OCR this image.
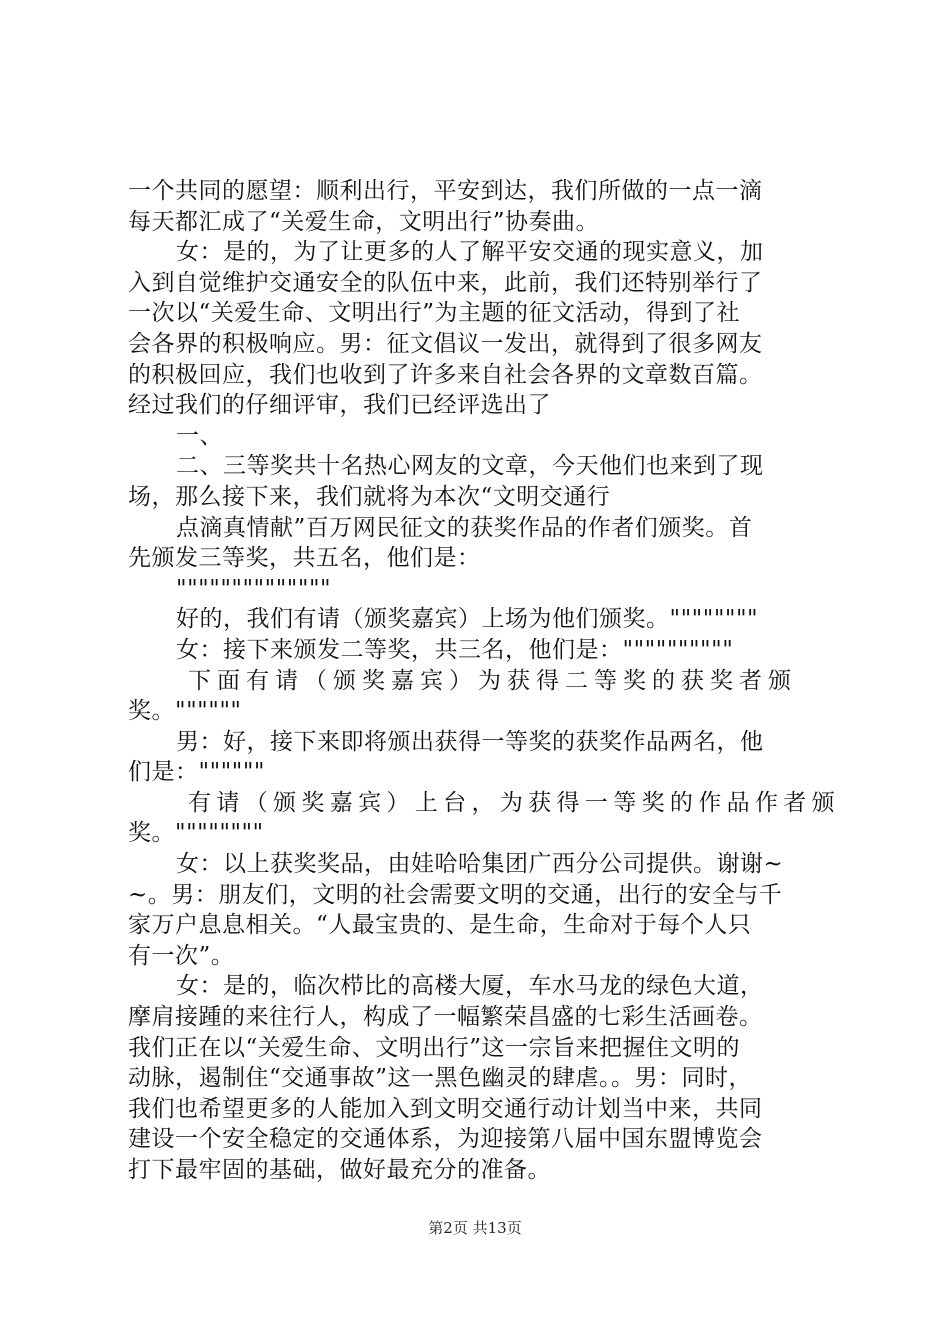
一个共同的愿望：顺利出行，平安到达，我们所做的一点一滴
每天都汇成了“关爱生命，文明出行”协奏曲。
女：是的，为了让更多的人了解平安交通的现实意义，加
入到自觉维护交通安全的队伍中来，此前，我们还特别举行了
一次以“关爱生命、文明出行”为主题的征文活动，得到了社
会各界的积极响应。男：征文倡议一发出，就得到了很多网友
的积极回应，我们也收到了许多来自社会各界的文章数百篇。
经过我们的仔细评审，我们已经评选出了
一、
二、三等奖共十名热心网友的文章，今天他们也来到了现
场，那么接下来，我们就将为本次“文明交通行
点滴真情献”百万网民征文的获奖作品的作者们颁奖。首
先颁发三等奖，共五名，他们是：
""""""""""""""
好的，我们有请（颁奖嘉宾）上场为他们颁奖。""""""""
女：接下来颁发二等奖，共三名，他们是：""""""""""
下面有请（颁奖嘉宾）为获得二等奖的获奖者颁
奖。""""""
男：好，接下来即将颁出获得一等奖的获奖作品两名，他
们是：""""""
有请（颁奖嘉宾）上台，为获得一等奖的作品作者颁
奖。""""""""
女：以上获奖奖品，由娃哈哈集团广西分公司提供。谢谢~
~。男：朋友们，文明的社会需要文明的交通，出行的安全与千
家万户息息相关。“人最宝贵的、是生命，生命对于每个人只
有一次”。
女：是的，临次栉比的高楼大厦，车水马龙的绿色大道，
摩肩接踵的来往行人，构成了一幅繁荣昌盛的七彩生活画卷。
我们正在以“关爱生命、文明出行”这一宗旨来把握住文明的
动脉，遏制住“交通事故”这一黑色幽灵的肆虐。。男：同时，
我们也希望更多的人能加入到文明交通行动计划当中来，共同
建设一个安全稳定的交通体系，为迎接第八届中国东盟博览会
打下最牢固的基础，做好最充分的准备。
第2页 共13页
